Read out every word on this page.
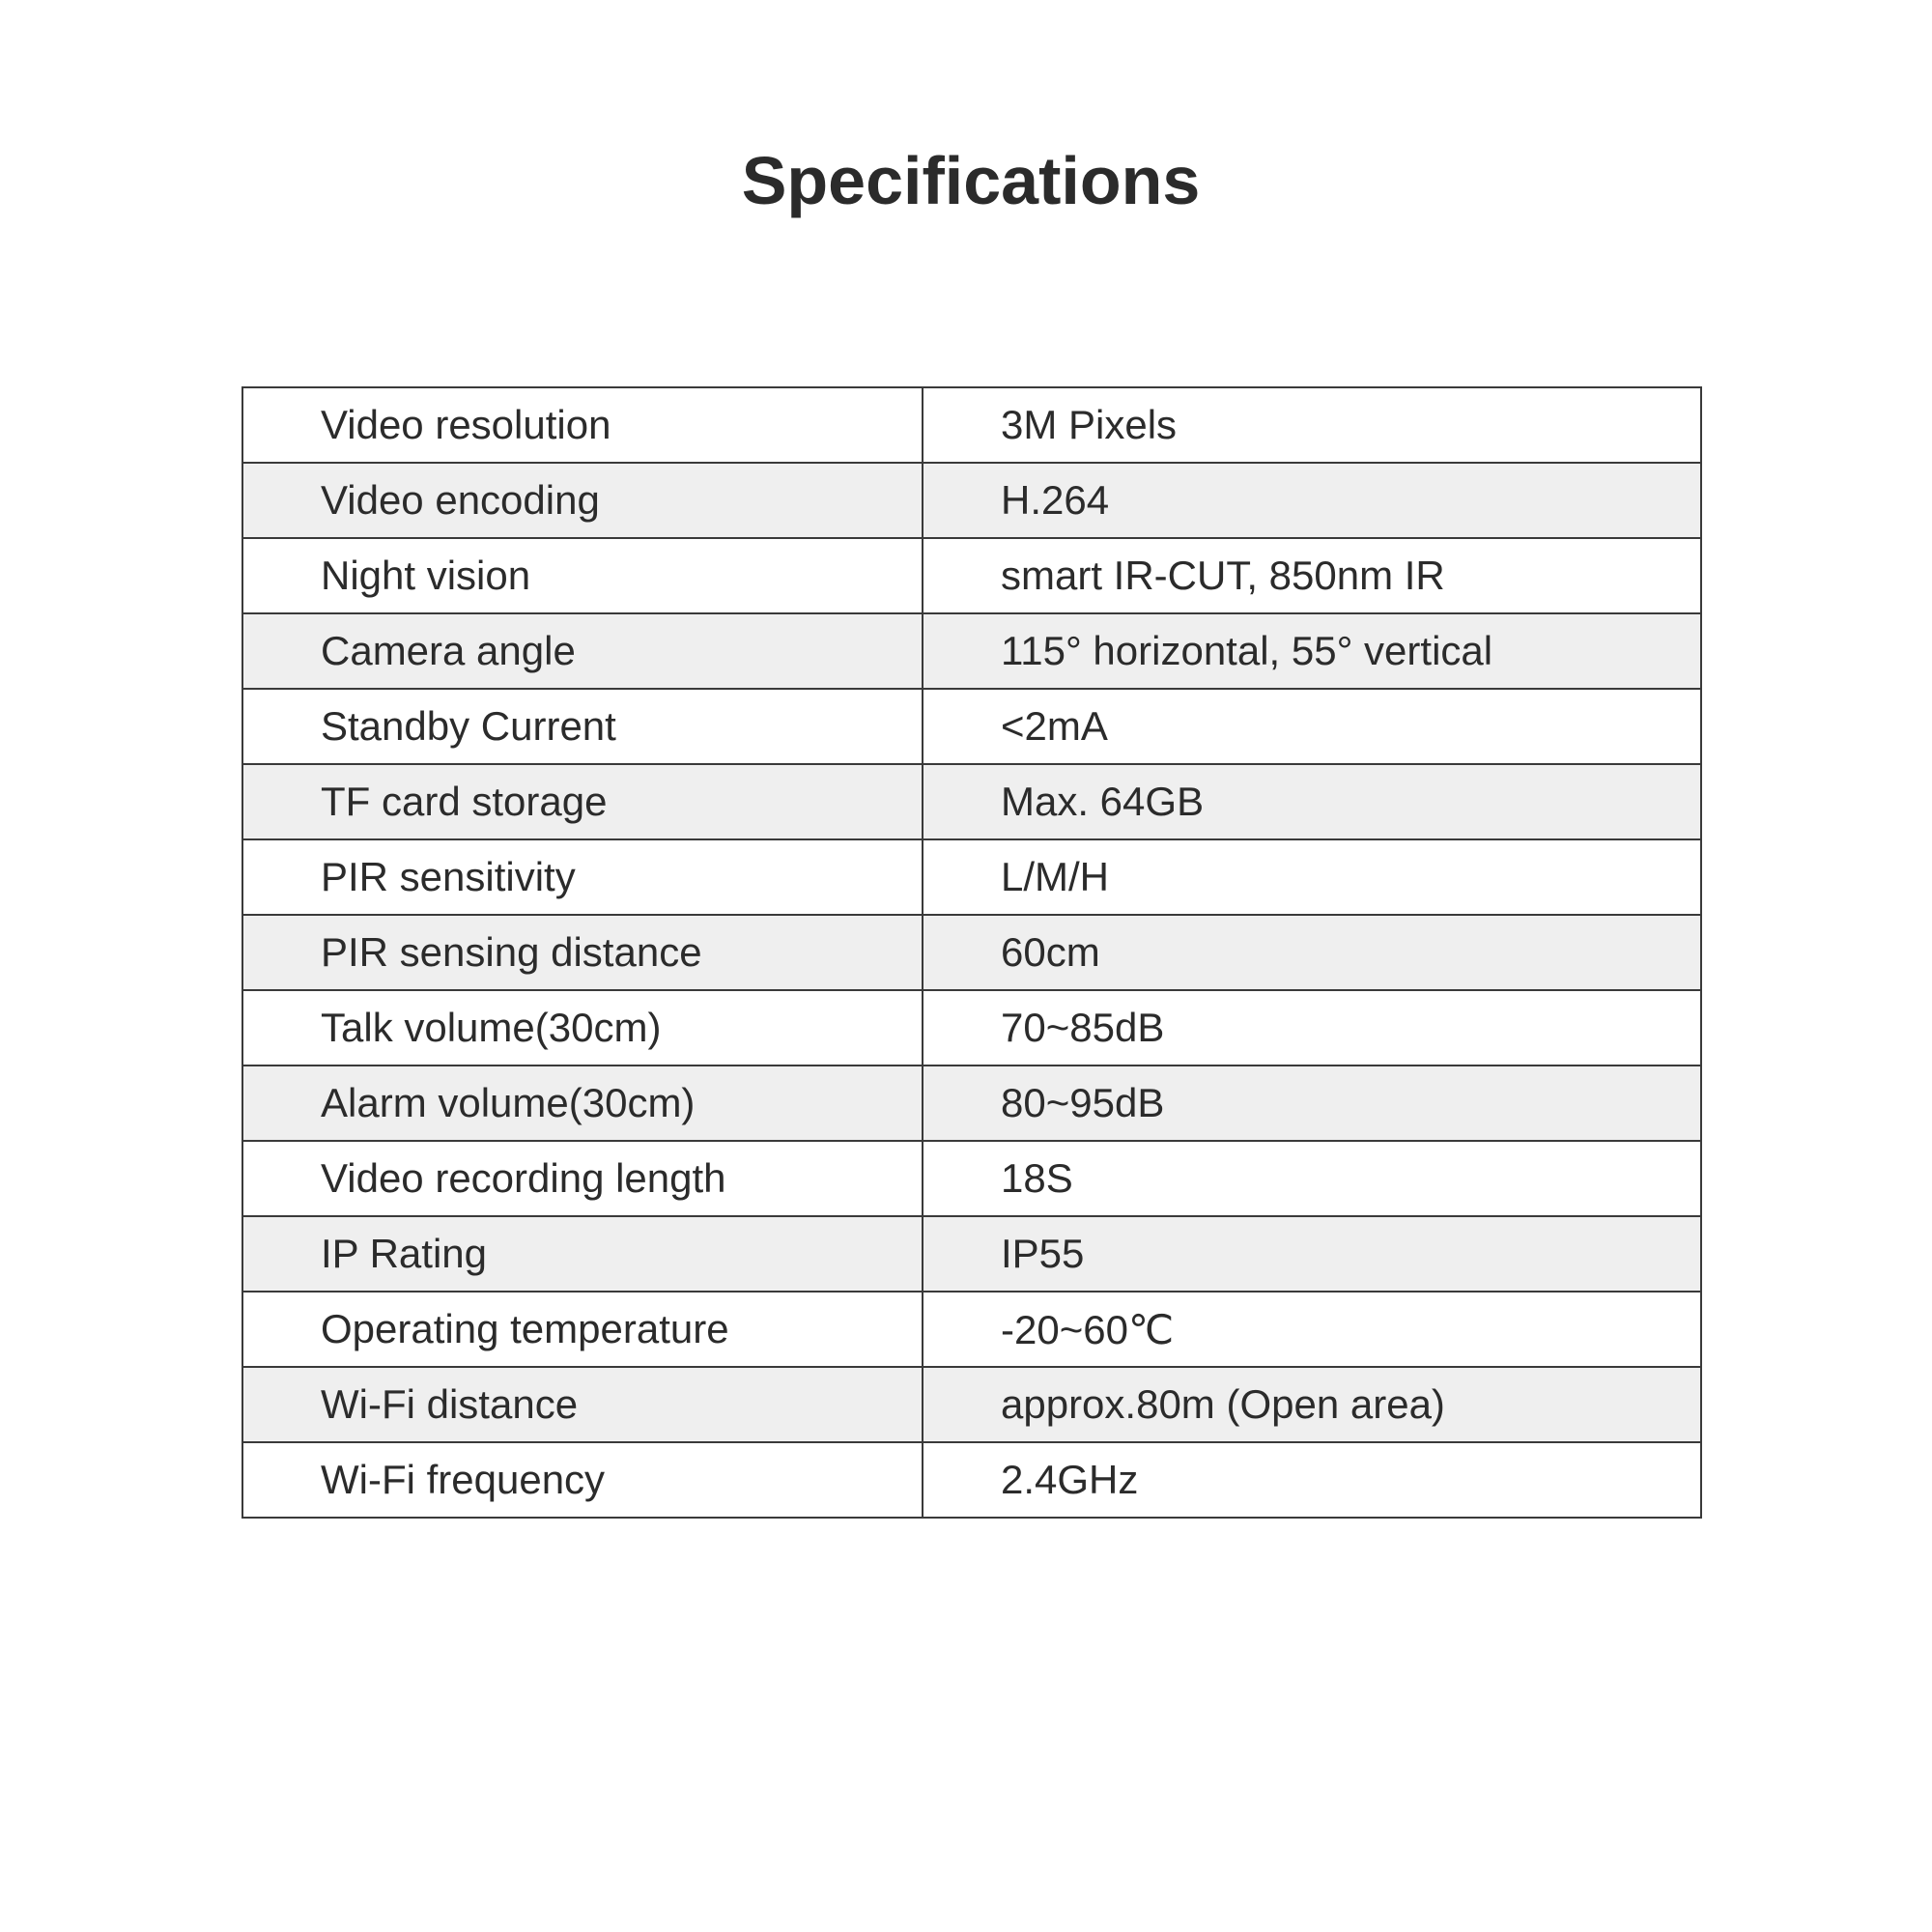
Specifications
Video resolution	3M Pixels
Video encoding	H.264
Night vision	smart IR-CUT, 850nm IR
Camera angle	115° horizontal, 55° vertical
Standby Current	<2mA
TF card storage	Max. 64GB
PIR sensitivity	L/M/H
PIR sensing distance	60cm
Talk volume(30cm)	70~85dB
Alarm volume(30cm)	80~95dB
Video recording length	18S
IP Rating	IP55
Operating temperature	-20~60℃
Wi-Fi distance	approx.80m (Open area)
Wi-Fi frequency	2.4GHz
